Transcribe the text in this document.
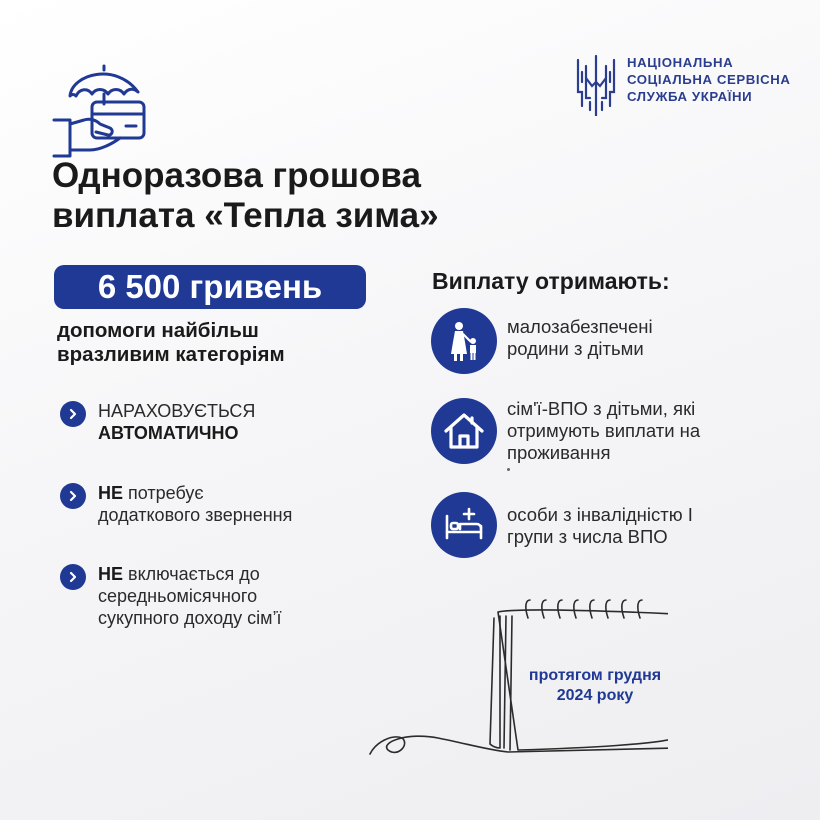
НАЦІОНАЛЬНА
СОЦІАЛЬНА СЕРВІСНА
СЛУЖБА УКРАЇНИ
Одноразова грошова
виплата «Тепла зима»
6 500 гривень
допомоги найбільш
вразливим категоріям
НАРАХОВУЄТЬСЯ
АВТОМАТИЧНО
НЕ потребує
додаткового звернення
НЕ включається до
середньомісячного
сукупного доходу сім’ї
Виплату отримають:
малозабезпечені
родини з дітьми
сім'ї-ВПО з дітьми, які
отримують виплати на
проживання
особи з інвалідністю I
групи з числа ВПО
протягом грудня
2024 року
